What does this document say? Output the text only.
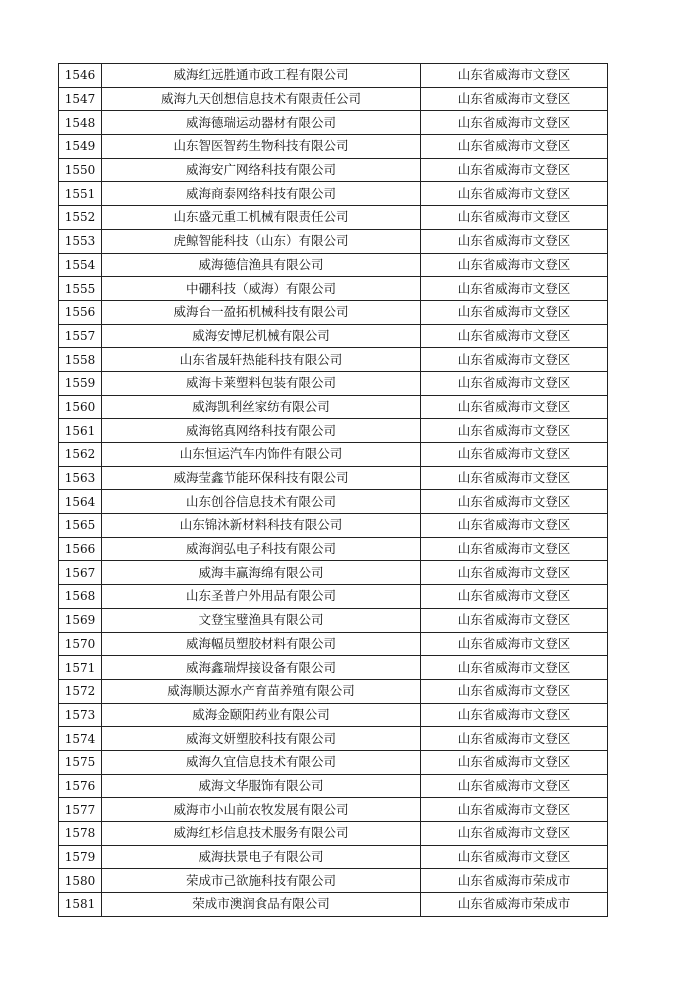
1546	威海红远胜通市政工程有限公司	山东省威海市文登区
1547	威海九天创想信息技术有限责任公司	山东省威海市文登区
1548	威海德瑞运动器材有限公司	山东省威海市文登区
1549	山东智医智药生物科技有限公司	山东省威海市文登区
1550	威海安广网络科技有限公司	山东省威海市文登区
1551	威海商泰网络科技有限公司	山东省威海市文登区
1552	山东盛元重工机械有限责任公司	山东省威海市文登区
1553	虎鲸智能科技（山东）有限公司	山东省威海市文登区
1554	威海德信渔具有限公司	山东省威海市文登区
1555	中硼科技（威海）有限公司	山东省威海市文登区
1556	威海台一盈拓机械科技有限公司	山东省威海市文登区
1557	威海安博尼机械有限公司	山东省威海市文登区
1558	山东省晟轩热能科技有限公司	山东省威海市文登区
1559	威海卡莱塑料包装有限公司	山东省威海市文登区
1560	威海凯利丝家纺有限公司	山东省威海市文登区
1561	威海铭真网络科技有限公司	山东省威海市文登区
1562	山东恒运汽车内饰件有限公司	山东省威海市文登区
1563	威海莹鑫节能环保科技有限公司	山东省威海市文登区
1564	山东创谷信息技术有限公司	山东省威海市文登区
1565	山东锦沐新材料科技有限公司	山东省威海市文登区
1566	威海润弘电子科技有限公司	山东省威海市文登区
1567	威海丰赢海绵有限公司	山东省威海市文登区
1568	山东圣普户外用品有限公司	山东省威海市文登区
1569	文登宝璧渔具有限公司	山东省威海市文登区
1570	威海幅员塑胶材料有限公司	山东省威海市文登区
1571	威海鑫瑞焊接设备有限公司	山东省威海市文登区
1572	威海顺达源水产育苗养殖有限公司	山东省威海市文登区
1573	威海金颐阳药业有限公司	山东省威海市文登区
1574	威海文妍塑胶科技有限公司	山东省威海市文登区
1575	威海久宜信息技术有限公司	山东省威海市文登区
1576	威海文华服饰有限公司	山东省威海市文登区
1577	威海市小山前农牧发展有限公司	山东省威海市文登区
1578	威海红杉信息技术服务有限公司	山东省威海市文登区
1579	威海扶景电子有限公司	山东省威海市文登区
1580	荣成市己欲施科技有限公司	山东省威海市荣成市
1581	荣成市澳润食品有限公司	山东省威海市荣成市
